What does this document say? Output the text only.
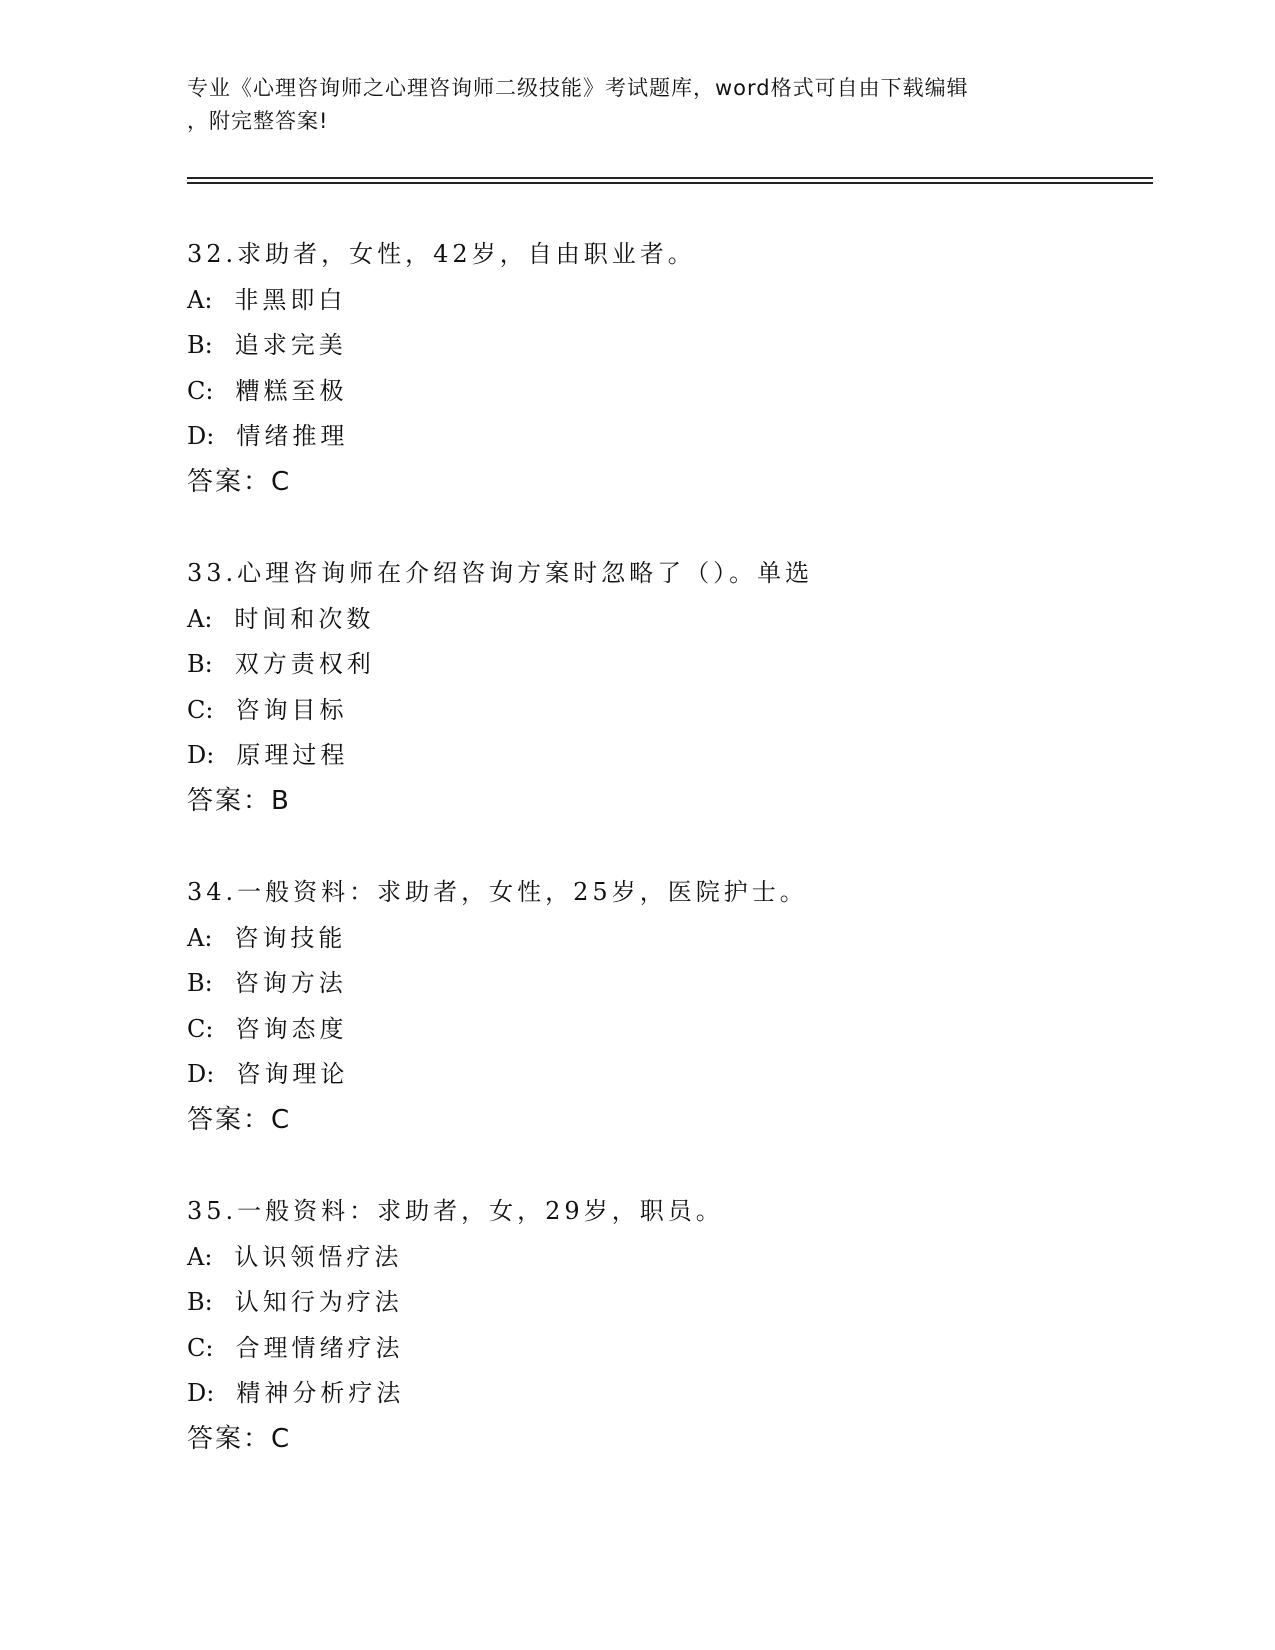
专业《心理咨询师之心理咨询师二级技能》考试题库，word格式可自由下载编辑
，附完整答案!
32.求助者，女性，42岁，自由职业者。
A: 非黑即白
B: 追求完美
C: 糟糕至极
D: 情绪推理
答案：C
33.心理咨询师在介绍咨询方案时忽略了（）。单选
A: 时间和次数
B: 双方责权利
C: 咨询目标
D: 原理过程
答案：B
34.一般资料：求助者，女性，25岁，医院护士。
A: 咨询技能
B: 咨询方法
C: 咨询态度
D: 咨询理论
答案：C
35.一般资料：求助者，女，29岁，职员。
A: 认识领悟疗法
B: 认知行为疗法
C: 合理情绪疗法
D: 精神分析疗法
答案：C
